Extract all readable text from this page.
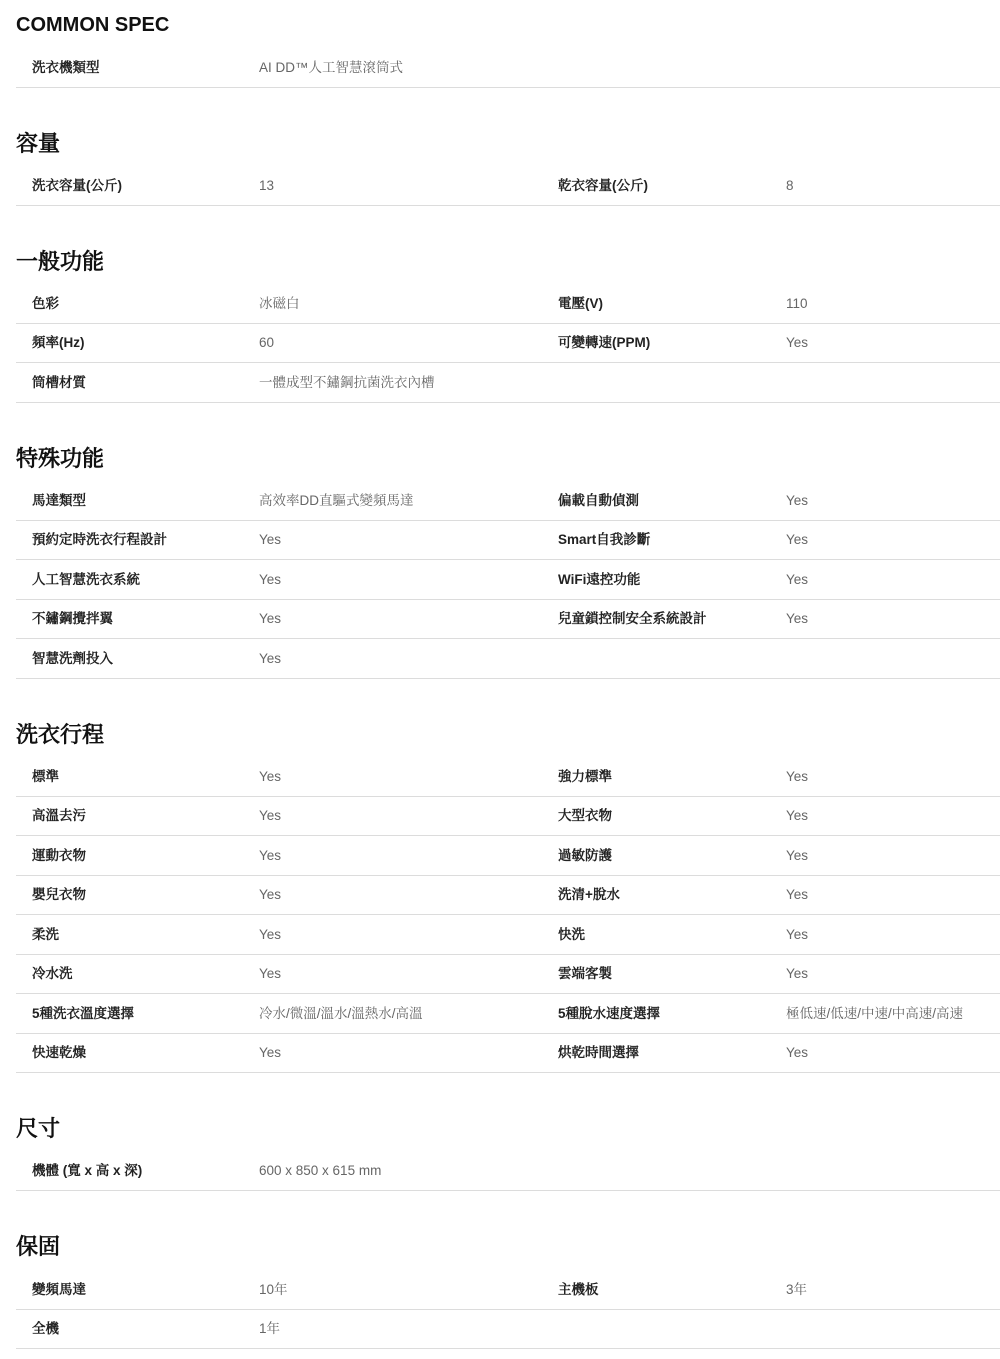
COMMON SPEC
洗衣機類型	AI DD™人工智慧滾筒式
容量
洗衣容量(公斤)	13	乾衣容量(公斤)	8
一般功能
色彩	冰磁白	電壓(V)	110
頻率(Hz)	60	可變轉速(PPM)	Yes
筒槽材質	一體成型不鏽鋼抗菌洗衣內槽
特殊功能
馬達類型	高效率DD直驅式變頻馬達	偏載自動偵測	Yes
預約定時洗衣行程設計	Yes	Smart自我診斷	Yes
人工智慧洗衣系統	Yes	WiFi遠控功能	Yes
不鏽鋼攪拌翼	Yes	兒童鎖控制安全系統設計	Yes
智慧洗劑投入	Yes
洗衣行程
標準	Yes	強力標準	Yes
高溫去污	Yes	大型衣物	Yes
運動衣物	Yes	過敏防護	Yes
嬰兒衣物	Yes	洗清+脫水	Yes
柔洗	Yes	快洗	Yes
冷水洗	Yes	雲端客製	Yes
5種洗衣溫度選擇	冷水/微溫/溫水/溫熱水/高溫	5種脫水速度選擇	極低速/低速/中速/中高速/高速
快速乾燥	Yes	烘乾時間選擇	Yes
尺寸
機體 (寬 x 高 x 深)	600 x 850 x 615 mm
保固
變頻馬達	10年	主機板	3年
全機	1年
